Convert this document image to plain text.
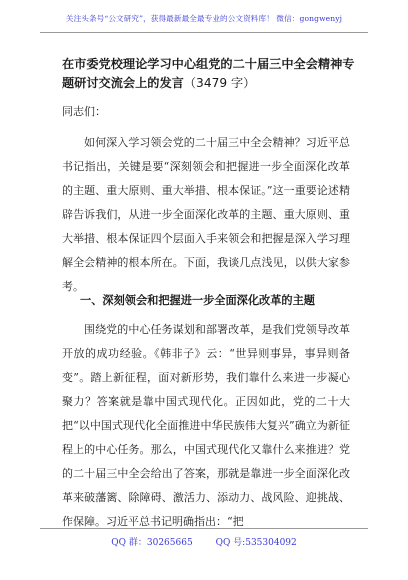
关注头条号“公文研究”，获得最新最全最专业的公文资料库！ 微信：gongwenyj
在市委党校理论学习中心组党的二十届三中全会精神专题研讨交流会上的发言（3479 字）
同志们：

如何深入学习领会党的二十届三中全会精神？习近平总书记指出，关键是要“深刻领会和把握进一步全面深化改革的主题、重大原则、重大举措、根本保证。”这一重要论述精辟告诉我们，从进一步全面深化改革的主题、重大原则、重大举措、根本保证四个层面入手来领会和把握是深入学习理解全会精神的根本所在。下面，我谈几点浅见，以供大家参考。

一、深刻领会和把握进一步全面深化改革的主题

围绕党的中心任务谋划和部署改革，是我们党领导改革开放的成功经验。《韩非子》云：“世异则事异，事异则备变”。踏上新征程，面对新形势，我们靠什么来进一步凝心聚力？答案就是靠中国式现代化。正因如此，党的二十大把“以中国式现代化全面推进中华民族伟大复兴”确立为新征程上的中心任务。那么，中国式现代化又靠什么来推进？党的二十届三中全会给出了答案，那就是靠进一步全面深化改革来破藩篱、除障碍、激活力、添动力、战风险、迎挑战、作保障。习近平总书记明确指出：“把

QQ 群：30265665        QQ 号:535304092
